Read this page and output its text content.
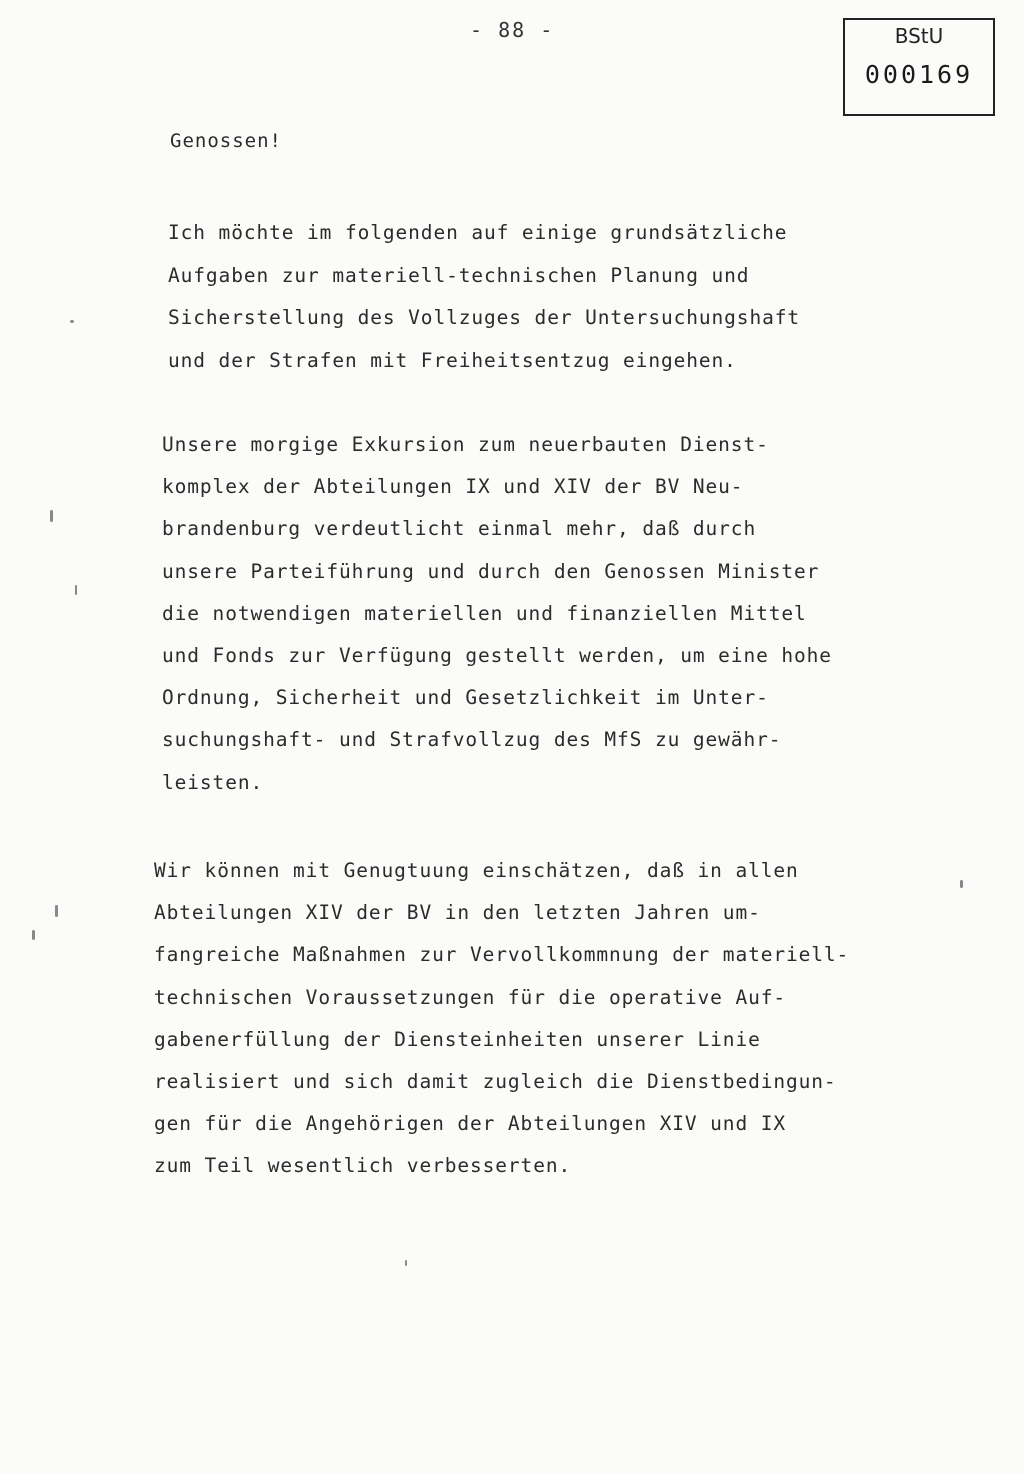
- 88 -	BStU
000169
Genossen!
Ich möchte im folgenden auf einige grundsätzliche
Aufgaben zur materiell-technischen Planung und
Sicherstellung des Vollzuges der Untersuchungshaft
und der Strafen mit Freiheitsentzug eingehen.
Unsere morgige Exkursion zum neuerbauten Dienst-
komplex der Abteilungen IX und XIV der BV Neu-
brandenburg verdeutlicht einmal mehr, daß durch
unsere Parteiführung und durch den Genossen Minister
die notwendigen materiellen und finanziellen Mittel
und Fonds zur Verfügung gestellt werden, um eine hohe
Ordnung, Sicherheit und Gesetzlichkeit im Unter-
suchungshaft- und Strafvollzug des MfS zu gewähr-
leisten.
Wir können mit Genugtuung einschätzen, daß in allen
Abteilungen XIV der BV in den letzten Jahren um-
fangreiche Maßnahmen zur Vervollkommnung der materiell-
technischen Voraussetzungen für die operative Auf-
gabenerfüllung der Diensteinheiten unserer Linie
realisiert und sich damit zugleich die Dienstbedingun-
gen für die Angehörigen der Abteilungen XIV und IX
zum Teil wesentlich verbesserten.
